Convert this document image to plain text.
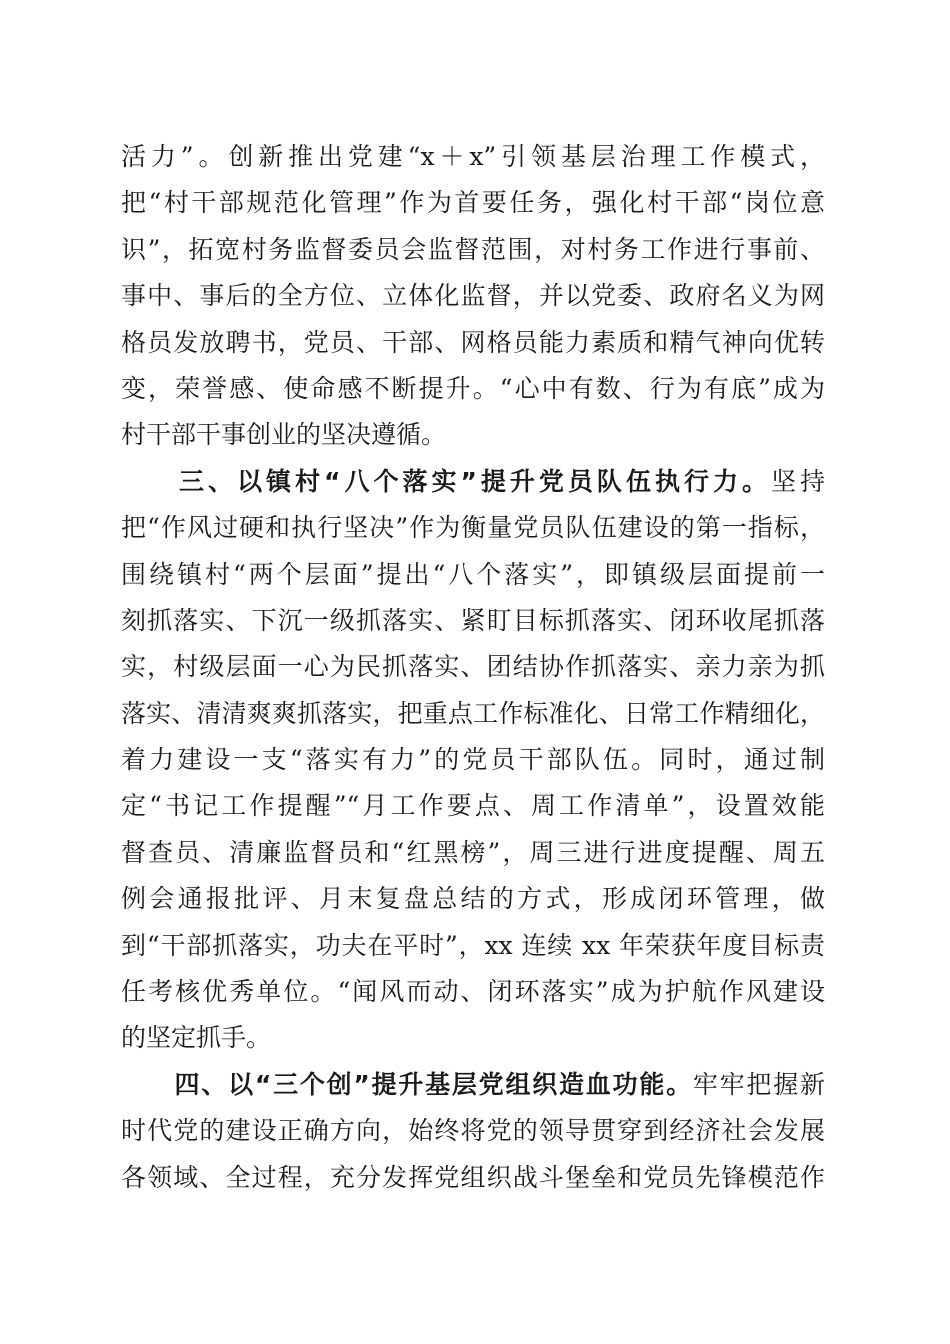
活力”。创新推出党建“x＋x”引领基层治理工作模式，
把“村干部规范化管理”作为首要任务，强化村干部“岗位意
识”，拓宽村务监督委员会监督范围，对村务工作进行事前、
事中、事后的全方位、立体化监督，并以党委、政府名义为网
格员发放聘书，党员、干部、网格员能力素质和精气神向优转
变，荣誉感、使命感不断提升。“心中有数、行为有底”成为
村干部干事创业的坚决遵循。
　　三、以镇村“八个落实”提升党员队伍执行力。坚持
把“作风过硬和执行坚决”作为衡量党员队伍建设的第一指标，
围绕镇村“两个层面”提出“八个落实”，即镇级层面提前一
刻抓落实、下沉一级抓落实、紧盯目标抓落实、闭环收尾抓落
实，村级层面一心为民抓落实、团结协作抓落实、亲力亲为抓
落实、清清爽爽抓落实，把重点工作标准化、日常工作精细化，
着力建设一支“落实有力”的党员干部队伍。同时，通过制
定“书记工作提醒”“月工作要点、周工作清单”，设置效能
督查员、清廉监督员和“红黑榜”，周三进行进度提醒、周五
例会通报批评、月末复盘总结的方式，形成闭环管理，做
到“干部抓落实，功夫在平时”，xx 连续 xx 年荣获年度目标责
任考核优秀单位。“闻风而动、闭环落实”成为护航作风建设
的坚定抓手。
　　四、以“三个创”提升基层党组织造血功能。牢牢把握新
时代党的建设正确方向，始终将党的领导贯穿到经济社会发展
各领域、全过程，充分发挥党组织战斗堡垒和党员先锋模范作
